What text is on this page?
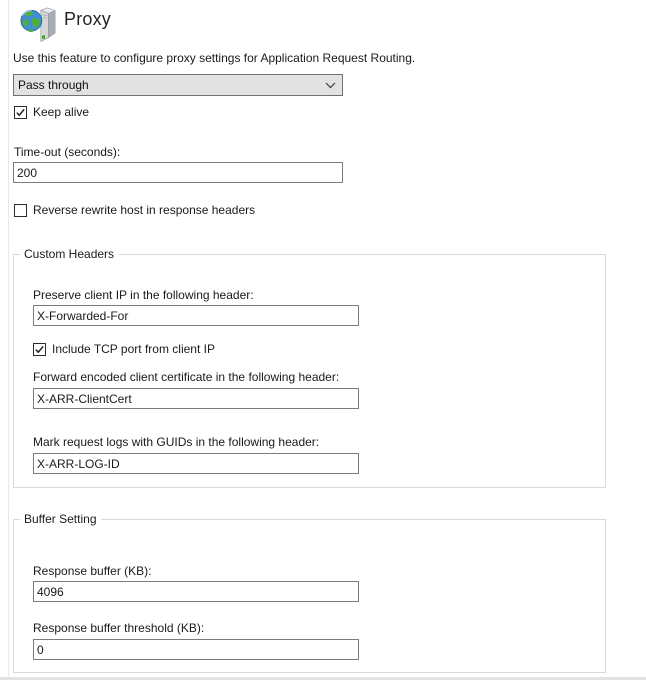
Proxy
Use this feature to configure proxy settings for Application Request Routing.
Pass through
Keep alive
Time-out (seconds):
200
Reverse rewrite host in response headers
Custom Headers
Preserve client IP in the following header:
X-Forwarded-For
Include TCP port from client IP
Forward encoded client certificate in the following header:
X-ARR-ClientCert
Mark request logs with GUIDs in the following header:
X-ARR-LOG-ID
Buffer Setting
Response buffer (KB):
4096
Response buffer threshold (KB):
0
